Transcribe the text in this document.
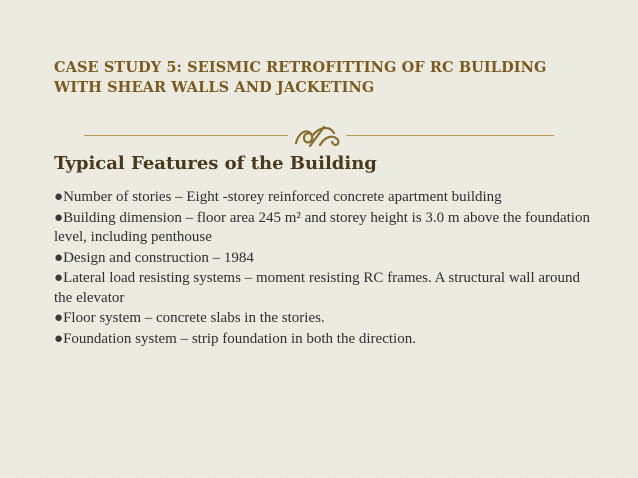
CASE STUDY 5: SEISMIC RETROFITTING OF RC BUILDING
WITH SHEAR WALLS AND JACKETING
Typical Features of the Building
●Number of stories – Eight -storey reinforced concrete apartment building
●Building dimension – floor area 245 m² and storey height is 3.0 m above the foundation level, including penthouse
●Design and construction – 1984
●Lateral load resisting systems – moment resisting RC frames. A structural wall around the elevator
●Floor system – concrete slabs in the stories.
●Foundation system – strip foundation in both the direction.
